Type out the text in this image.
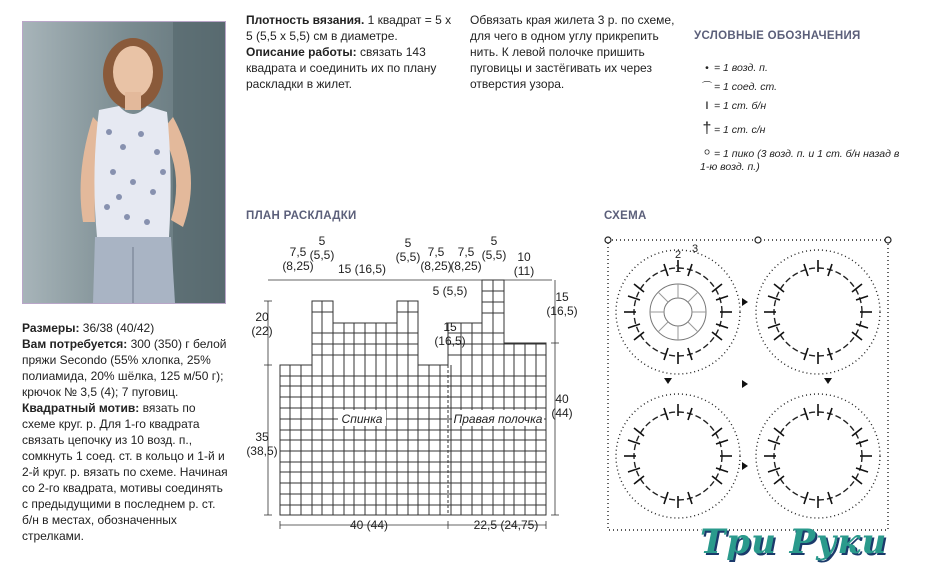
Плотность вязания. 1 квадрат = 5 х 5 (5,5 х 5,5) см в диаметре.
Описание работы: связать 143 квадрата и соединить их по плану раскладки в жилет.
Обвязать края жилета 3 р. по схеме, для чего в одном углу прикрепить нить. К левой полочке пришить пуговицы и застёгивать их через отверстия узора.
УСЛОВНЫЕ ОБОЗНАЧЕНИЯ
• = 1 возд. п.
⌒ = 1 соед. ст.
ǀ = 1 ст. б/н
† = 1 ст. с/н
ᴼ = 1 пико (3 возд. п. и 1 ст. б/н назад в 1-ю возд. п.)
Размеры: 36/38 (40/42)
Вам потребуется: 300 (350) г белой пряжи Secondo (55% хлопка, 25% полиамида, 20% шёлка, 125 м/50 г); крючок № 3,5 (4); 7 пуговиц.
Квадратный мотив: вязать по схеме круг. р. Для 1-го квадрата связать цепочку из 10 возд. п., сомкнуть 1 соед. ст. в кольцо и 1-й и 2-й круг. р. вязать по схеме. Начиная со 2-го квадрата, мотивы соединять с предыдущими в последнем р. ст. б/н в местах, обозначенных стрелками.
ПЛАН РАСКЛАДКИ
7,5
(8,25)
5
(5,5)
15 (16,5)
5
(5,5) 7,5
(8,25)
7,5
(8,25)
5
(5,5) 10
(11)
5 (5,5)	15
(16,5)
20
(22)	15
(16,5)
40
(44)
35
(38,5)
40 (44)	22,5 (24,75)
Спинка	Правая полочка
СХЕМА
1
2 3
Три Руки
